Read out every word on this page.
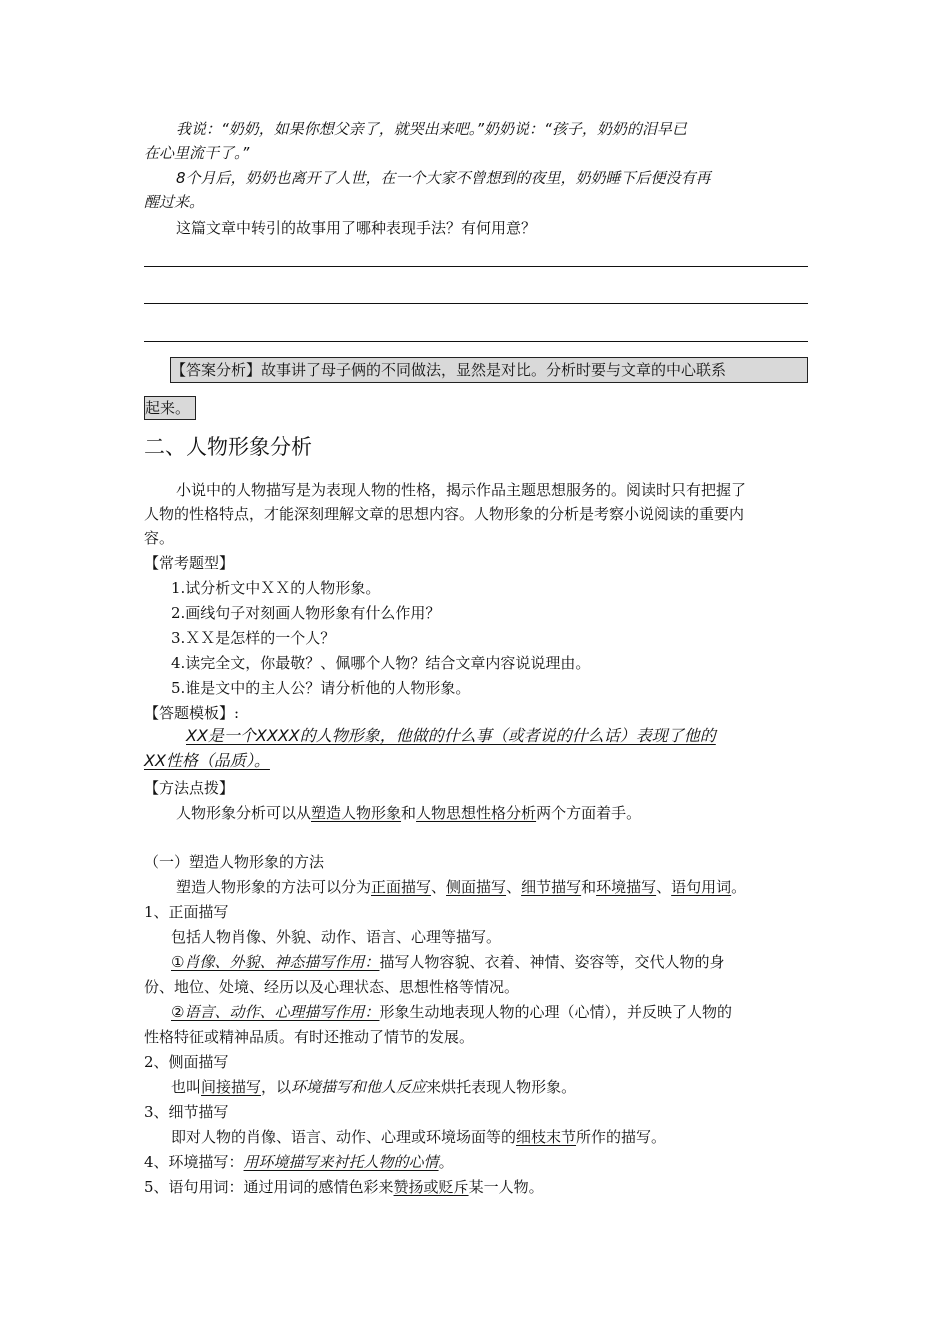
我说：“奶奶，如果你想父亲了，就哭出来吧。”奶奶说：“孩子，奶奶的泪早已
在心里流干了。”
8个月后，奶奶也离开了人世，在一个大家不曾想到的夜里，奶奶睡下后便没有再
醒过来。
这篇文章中转引的故事用了哪种表现手法？有何用意？
【答案分析】故事讲了母子俩的不同做法，显然是对比。分析时要与文章的中心联系
起来。
二、人物形象分析
小说中的人物描写是为表现人物的性格，揭示作品主题思想服务的。阅读时只有把握了
人物的性格特点，才能深刻理解文章的思想内容。人物形象的分析是考察小说阅读的重要内
容。
【常考题型】
1.试分析文中ＸＸ的人物形象。
2.画线句子对刻画人物形象有什么作用？
3.ＸＸ是怎样的一个人？
4.读完全文，你最敬？、佩哪个人物？结合文章内容说说理由。
5.谁是文中的主人公？请分析他的人物形象。
【答题模板】:
XX是一个XXXX的人物形象，他做的什么事（或者说的什么话）表现了他的
XX性格（品质）。
【方法点拨】
人物形象分析可以从塑造人物形象和人物思想性格分析两个方面着手。
（一）塑造人物形象的方法
塑造人物形象的方法可以分为正面描写、侧面描写、细节描写和环境描写、语句用词。
1、正面描写
包括人物肖像、外貌、动作、语言、心理等描写。
①肖像、外貌、神态描写作用：描写人物容貌、衣着、神情、姿容等，交代人物的身
份、地位、处境、经历以及心理状态、思想性格等情况。
②语言、动作、心理描写作用：形象生动地表现人物的心理（心情），并反映了人物的
性格特征或精神品质。有时还推动了情节的发展。
2、侧面描写
也叫间接描写，以环境描写和他人反应来烘托表现人物形象。
3、细节描写
即对人物的肖像、语言、动作、心理或环境场面等的细枝末节所作的描写。
4、环境描写：用环境描写来衬托人物的心情。
5、语句用词：通过用词的感情色彩来赞扬或贬斥某一人物。
